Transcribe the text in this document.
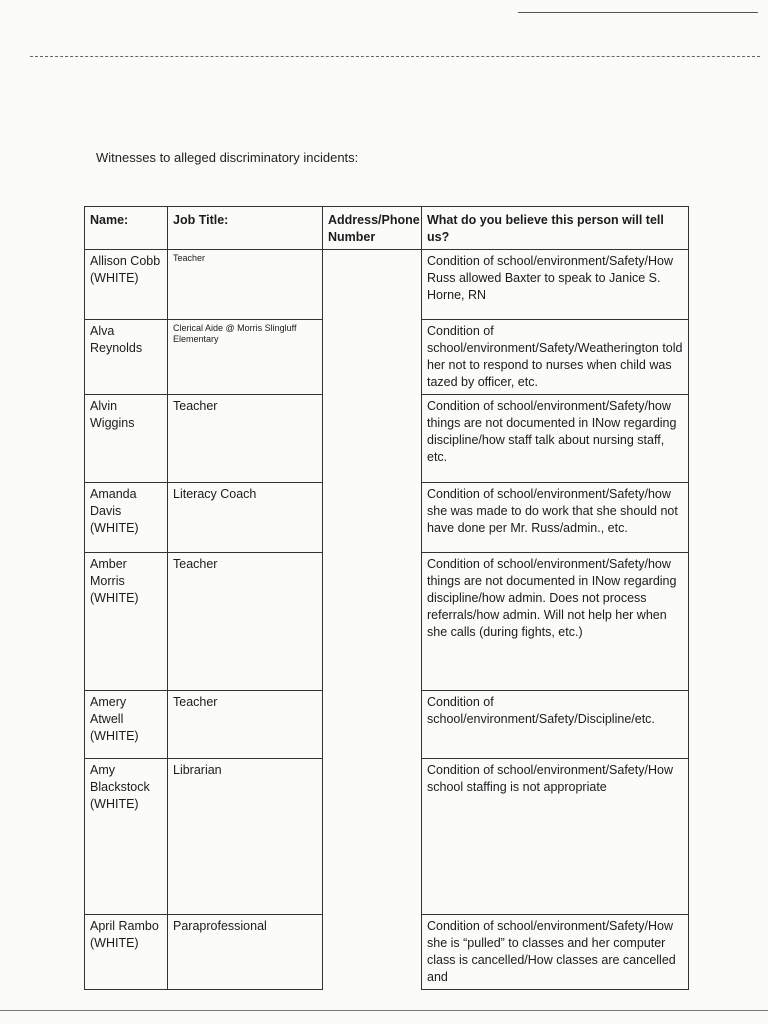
Witnesses to alleged discriminatory incidents:
Name:	Job Title:	Address/Phone Number	What do you believe this person will tell us?
Allison Cobb (WHITE)	Teacher		Condition of school/environment/Safety/How Russ allowed Baxter to speak to Janice S. Horne, RN
Alva Reynolds	Clerical Aide @ Morris Slingluff Elementary		Condition of school/environment/Safety/Weatherington told her not to respond to nurses when child was tazed by officer, etc.
Alvin Wiggins	Teacher		Condition of school/environment/Safety/how things are not documented in INow regarding discipline/how staff talk about nursing staff, etc.
Amanda Davis (WHITE)	Literacy Coach		Condition of school/environment/Safety/how she was made to do work that she should not have done per Mr. Russ/admin., etc.
Amber Morris (WHITE)	Teacher		Condition of school/environment/Safety/how things are not documented in INow regarding discipline/how admin. Does not process referrals/how admin. Will not help her when she calls (during fights, etc.)
Amery Atwell (WHITE)	Teacher		Condition of school/environment/Safety/Discipline/etc.
Amy Blackstock (WHITE)	Librarian		Condition of school/environment/Safety/How school staffing is not appropriate
April Rambo (WHITE)	Paraprofessional		Condition of school/environment/Safety/How she is “pulled” to classes and her computer class is cancelled/How classes are cancelled and
